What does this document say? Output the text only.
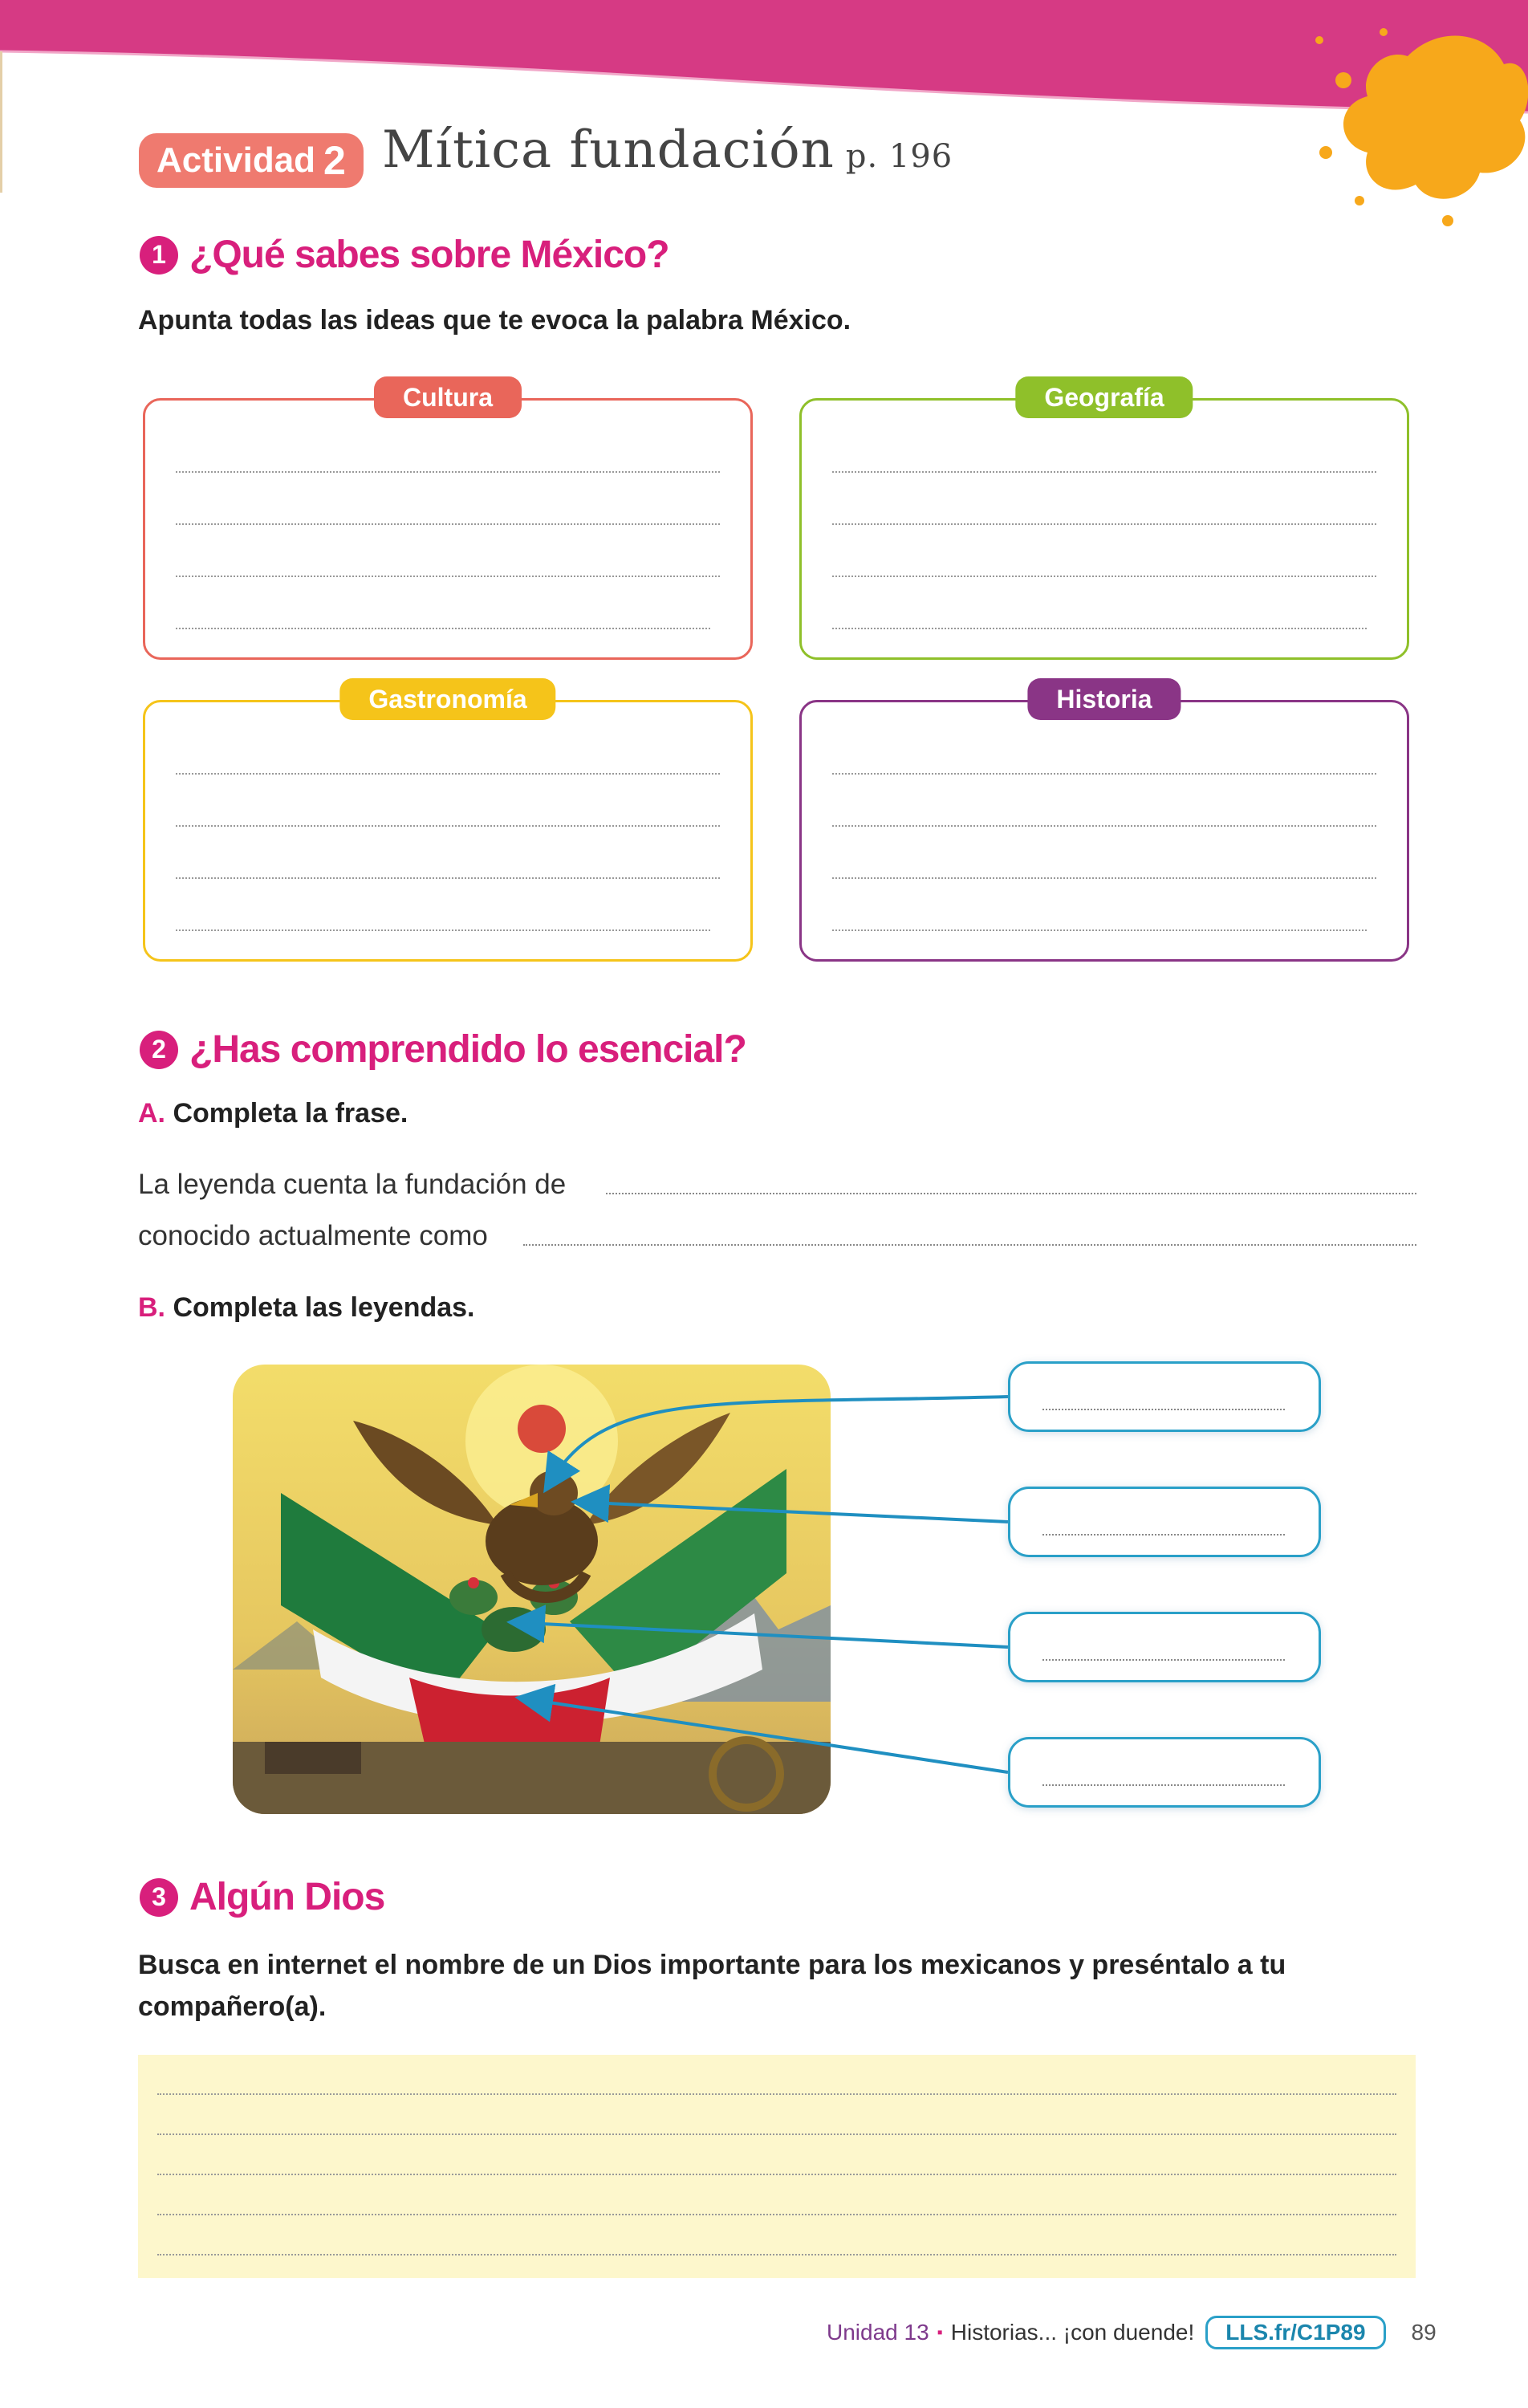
Actividad 2 Mítica fundación p. 196
1 ¿Qué sabes sobre México?
Apunta todas las ideas que te evoca la palabra México.
Cultura	Geografía
Gastronomía	Historia
2 ¿Has comprendido lo esencial?
A. Completa la frase.
La leyenda cuenta la fundación de
conocido actualmente como
B. Completa las leyendas.
3 Algún Dios
Busca en internet el nombre de un Dios importante para los mexicanos y preséntalo a tu compañero(a).
Unidad 13 ▪ Historias... ¡con duende!	LLS.fr/C1P89	89
